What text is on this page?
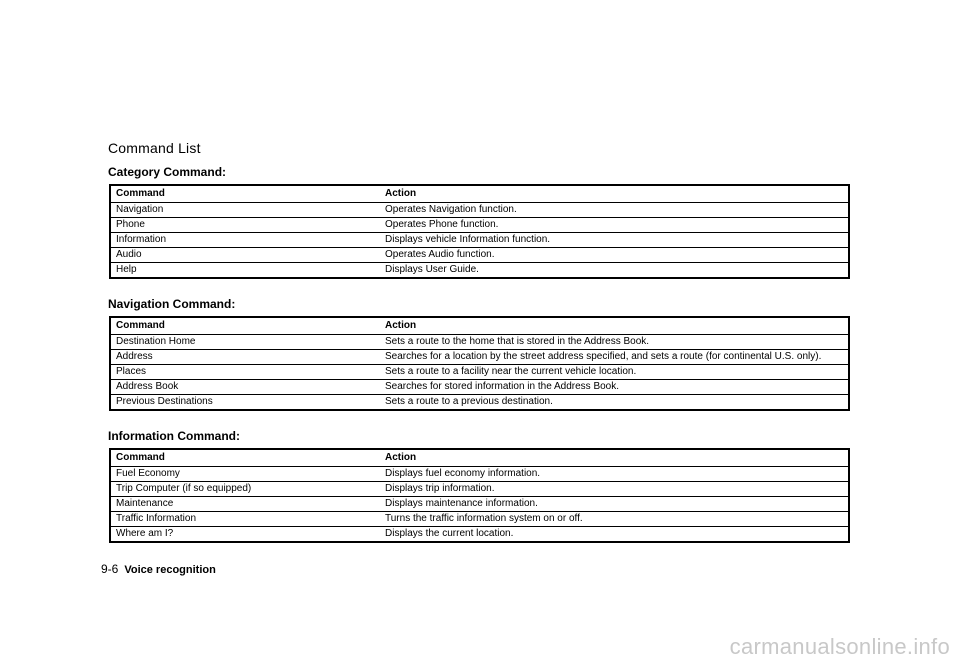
Command List
Category Command:
Command	Action
Navigation	Operates Navigation function.
Phone	Operates Phone function.
Information	Displays vehicle Information function.
Audio	Operates Audio function.
Help	Displays User Guide.
Navigation Command:
Command	Action
Destination Home	Sets a route to the home that is stored in the Address Book.
Address	Searches for a location by the street address specified, and sets a route (for continental U.S. only).
Places	Sets a route to a facility near the current vehicle location.
Address Book	Searches for stored information in the Address Book.
Previous Destinations	Sets a route to a previous destination.
Information Command:
Command	Action
Fuel Economy	Displays fuel economy information.
Trip Computer (if so equipped)	Displays trip information.
Maintenance	Displays maintenance information.
Traffic Information	Turns the traffic information system on or off.
Where am I?	Displays the current location.
9-6 Voice recognition
carmanualsonline.info
